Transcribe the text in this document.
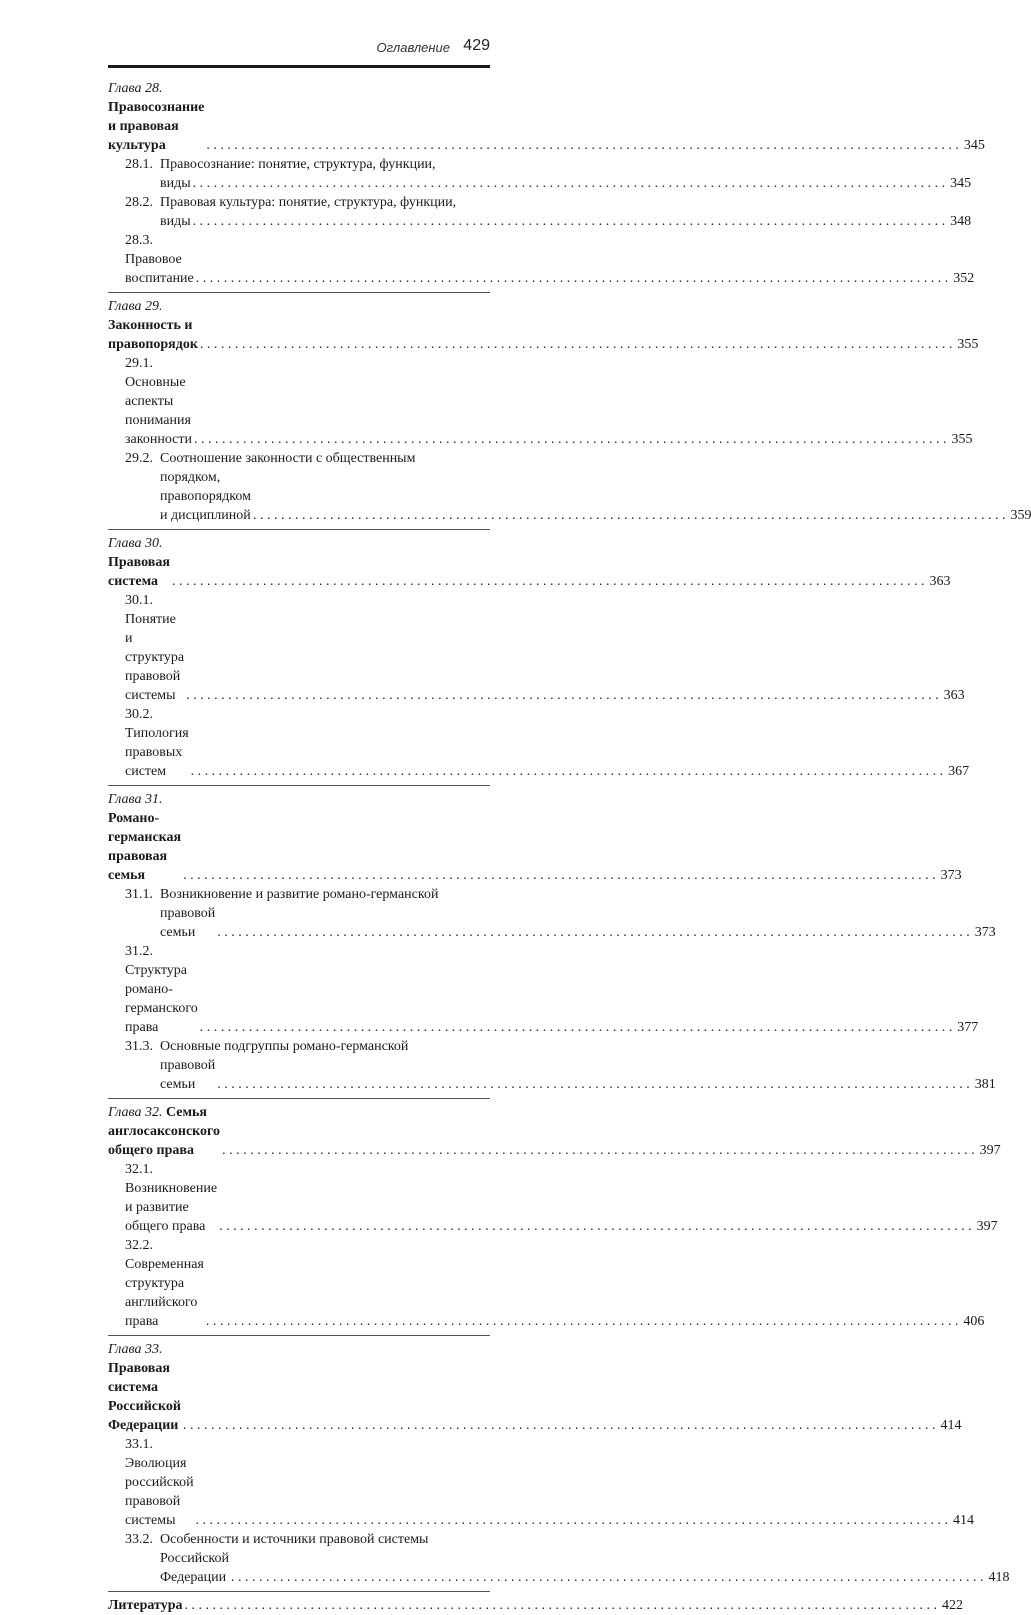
Оглавление 429
Глава 28. Правосознание и правовая культура . . .	345
28.1. Правосознание: понятие, структура, функции,
виды . . .	345
28.2. Правовая культура: понятие, структура, функции,
виды . . .	348
28.3.Правовое воспитание . . .	352
Глава 29. Законность и правопорядок . . .	355
29.1.Основные аспекты понимания законности . . .	355
29.2. Соотношение законности с общественным
порядком, правопорядком и дисциплиной . . .	359
Глава 30. Правовая система . . .	363
30.1.Понятие и структура правовой системы . . .	363
30.2.Типология правовых систем . . .	367
Глава 31. Романо-германская правовая семья . . .	373
31.1. Возникновение и развитие романо-германской
правовой семьи . . .	373
31.2.Структура романо-германского права . . .	377
31.3. Основные подгруппы романо-германской
правовой семьи . . .	381
Глава 32. Семья англосаксонского общего права . . .	397
32.1.Возникновение и развитие общего права . . .	397
32.2.Современная структура английского права . . .	406
Глава 33. Правовая система Российской Федерации . . .	414
33.1.Эволюция российской правовой системы . . .	414
33.2. Особенности и источники правовой системы
Российской Федерации . . .	418
Литература . . .	422
